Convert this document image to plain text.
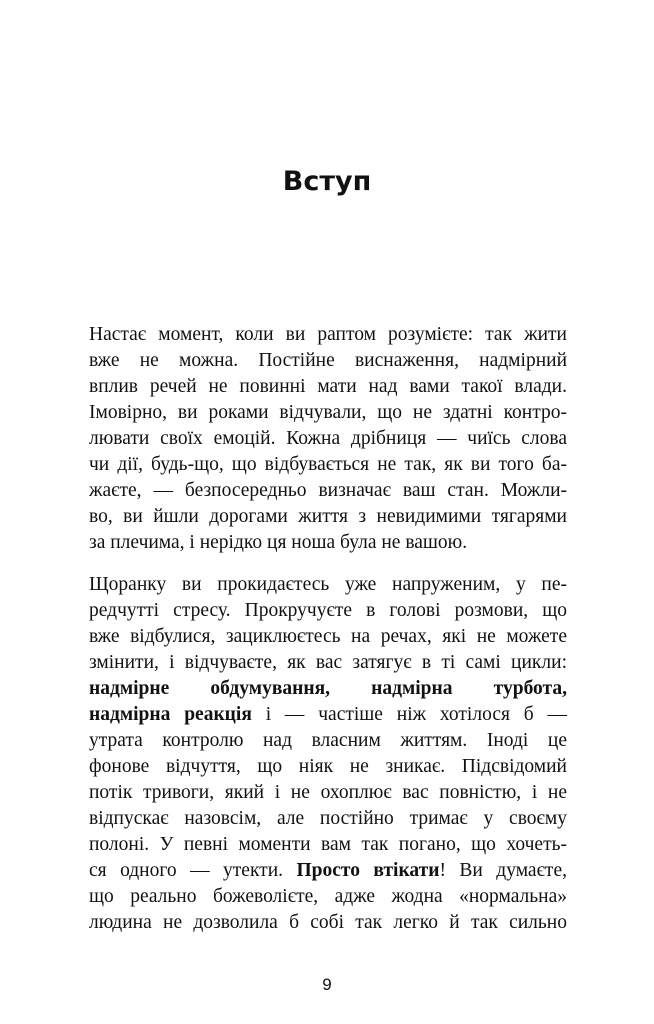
Вступ
Настає момент, коли ви раптом розумієте: так жити
вже не можна. Постійне виснаження, надмірний
вплив речей не повинні мати над вами такої влади.
Імовірно, ви роками відчували, що не здатні контро-
лювати своїх емоцій. Кожна дрібниця — чиїсь слова
чи дії, будь-що, що відбувається не так, як ви того ба-
жаєте, — безпосередньо визначає ваш стан. Можли-
во, ви йшли дорогами життя з невидимими тягарями
за плечима, і нерідко ця ноша була не вашою.
Щоранку ви прокидаєтесь уже напруженим, у пе-
редчутті стресу. Прокручуєте в голові розмови, що
вже відбулися, зациклюєтесь на речах, які не можете
змінити, і відчуваєте, як вас затягує в ті самі цикли:
надмірне обдумування, надмірна турбота,
надмірна реакція і — частіше ніж хотілося б —
утрата контролю над власним життям. Іноді це
фонове відчуття, що ніяк не зникає. Підсвідомий
потік тривоги, який і не охоплює вас повністю, і не
відпускає назовсім, але постійно тримає у своєму
полоні. У певні моменти вам так погано, що хочеть-
ся одного — утекти. Просто втікати! Ви думаєте,
що реально божеволієте, адже жодна «нормальна»
людина не дозволила б собі так легко й так сильно
9
